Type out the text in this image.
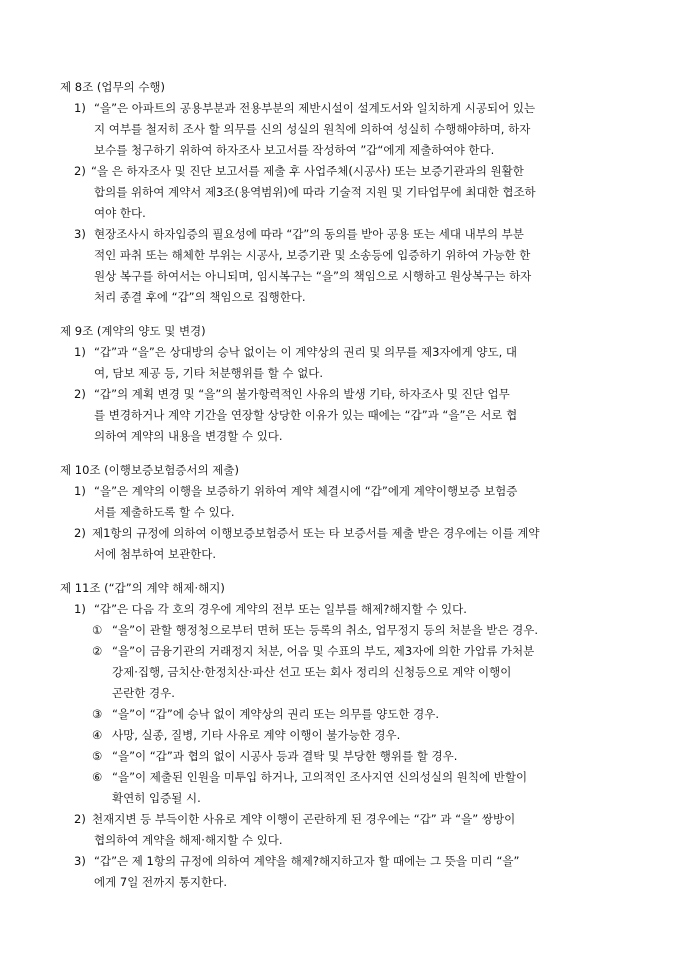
제 8조 (업무의 수행)
1) “을”은 아파트의 공용부분과 전용부분의 제반시설이 설계도서와 일치하게 시공되어 있는
지 여부를 철저히 조사 할 의무를 신의 성실의 원칙에 의하여 성실히 수행해야하며, 하자
보수를 청구하기 위하여 하자조사 보고서를 작성하여 ”갑“에게 제출하여야 한다.
2) “을 은 하자조사 및 진단 보고서를 제출 후 사업주체(시공사) 또는 보증기관과의 원활한
합의를 위하여 계약서 제3조(용역범위)에 따라 기술적 지원 및 기타업무에 최대한 협조하
여야 한다.
3) 현장조사시 하자입증의 필요성에 따라 “갑”의 동의를 받아 공용 또는 세대 내부의 부분
적인 파취 또는 해체한 부위는 시공사, 보증기관 및 소송등에 입증하기 위하여 가능한 한
원상 복구를 하여서는 아니되며, 임시복구는 “을”의 책임으로 시행하고 원상복구는 하자
처리 종결 후에 “갑”의 책임으로 집행한다.
제 9조 (계약의 양도 및 변경)
1) “갑”과 “을”은 상대방의 승낙 없이는 이 계약상의 권리 및 의무를 제3자에게 양도, 대
여, 담보 제공 등, 기타 처분행위를 할 수 없다.
2) “갑”의 계획 변경 및 “을”의 불가항력적인 사유의 발생 기타, 하자조사 및 진단 업무
를 변경하거나 계약 기간을 연장할 상당한 이유가 있는 때에는 “갑”과 “을”은 서로 협
의하여 계약의 내용을 변경할 수 있다.
제 10조 (이행보증보험증서의 제출)
1) “을”은 계약의 이행을 보증하기 위하여 계약 체결시에 “갑”에게 계약이행보증 보험증
서를 제출하도록 할 수 있다.
2) 제1항의 규정에 의하여 이행보증보험증서 또는 타 보증서를 제출 받은 경우에는 이를 계약
서에 첨부하여 보관한다.
제 11조 (“갑”의 계약 해제·해지)
1) “갑”은 다음 각 호의 경우에 계약의 전부 또는 일부를 해제?해지할 수 있다.
① “을”이 관할 행정청으로부터 면허 또는 등록의 취소, 업무정지 등의 처분을 받은 경우.
② “을”이 금융기관의 거래정지 처분, 어음 및 수표의 부도, 제3자에 의한 가압류 가처분
강제·집행, 금치산·한정치산·파산 선고 또는 회사 정리의 신청등으로 계약 이행이
곤란한 경우.
③ “을”이 “갑”에 승낙 없이 계약상의 권리 또는 의무를 양도한 경우.
④ 사망, 실종, 질병, 기타 사유로 계약 이행이 불가능한 경우.
⑤ “을”이 “갑”과 협의 없이 시공사 등과 결탁 및 부당한 행위를 할 경우.
⑥ “을”이 제출된 인원을 미투입 하거나, 고의적인 조사지연 신의성실의 원칙에 반할이
확연히 입증될 시.
2) 천재지변 등 부득이한 사유로 계약 이행이 곤란하게 된 경우에는 “갑” 과 “을” 쌍방이
협의하여 계약을 해제·해지할 수 있다.
3) “갑”은 제 1항의 규정에 의하여 계약을 해제?해지하고자 할 때에는 그 뜻을 미리 “을”
에게 7일 전까지 통지한다.
